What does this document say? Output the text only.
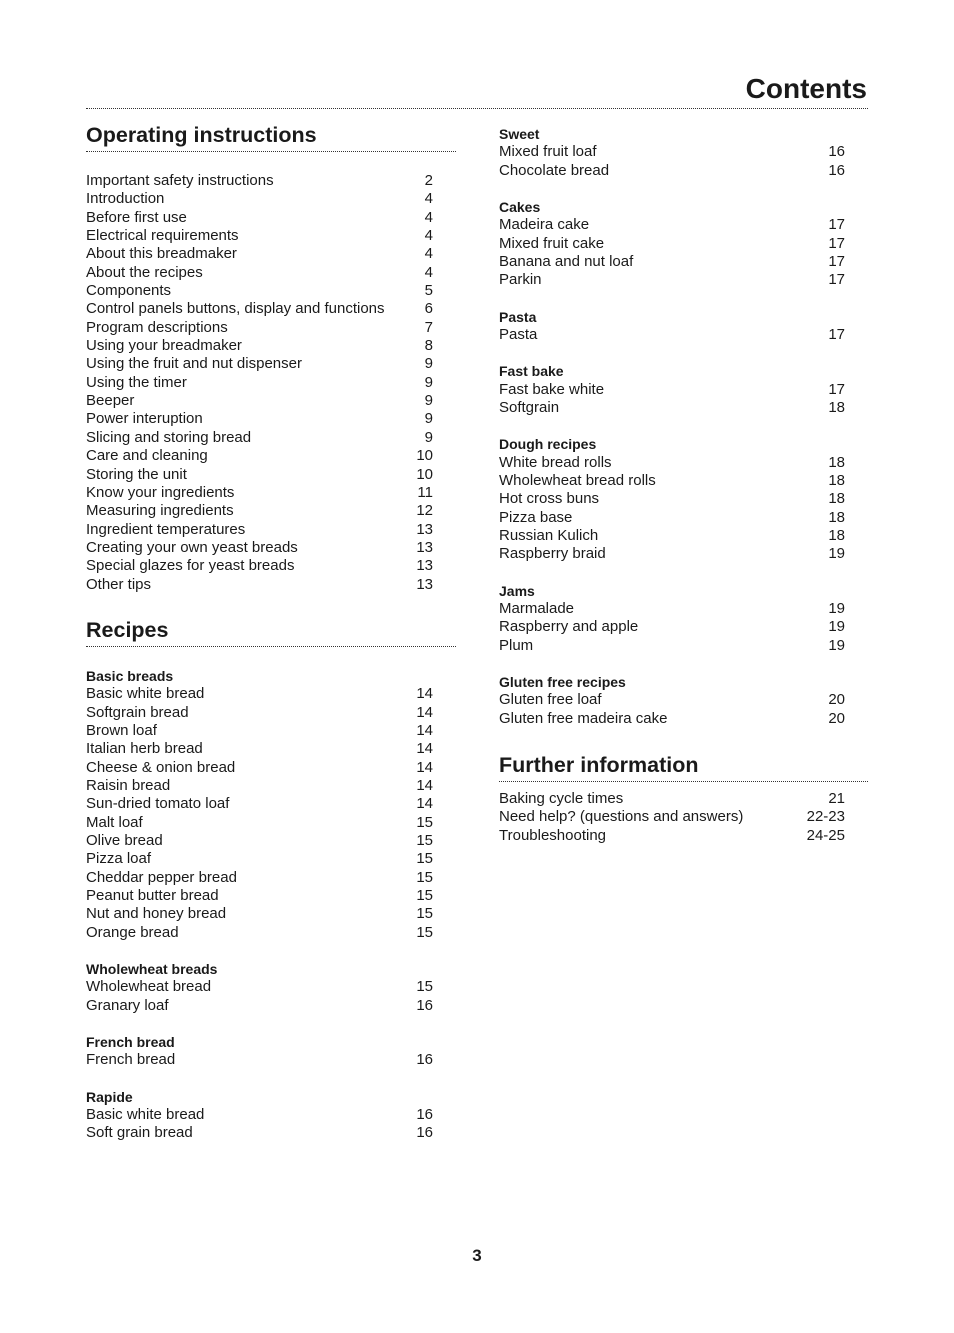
Contents
Operating instructions
Important safety instructions	2
Introduction	4
Before first use	4
Electrical requirements	4
About this breadmaker	4
About the recipes	4
Components	5
Control panels buttons, display and functions	6
Program descriptions	7
Using your breadmaker	8
Using the fruit and nut dispenser	9
Using the timer	9
Beeper	9
Power interuption	9
Slicing and storing bread	9
Care and cleaning	10
Storing the unit	10
Know your ingredients	11
Measuring ingredients	12
Ingredient temperatures	13
Creating your own yeast breads	13
Special glazes for yeast breads	13
Other tips	13
Recipes
Basic breads
Basic white bread	14
Softgrain bread	14
Brown loaf	14
Italian herb bread	14
Cheese & onion bread	14
Raisin bread	14
Sun-dried tomato loaf	14
Malt loaf	15
Olive bread	15
Pizza loaf	15
Cheddar pepper bread	15
Peanut butter bread	15
Nut and honey bread	15
Orange bread	15
Wholewheat breads
Wholewheat bread	15
Granary loaf	16
French bread
French bread	16
Rapide
Basic white bread	16
Soft grain bread	16
Sweet
Mixed fruit loaf	16
Chocolate bread	16
Cakes
Madeira cake	17
Mixed fruit cake	17
Banana and nut loaf	17
Parkin	17
Pasta
Pasta	17
Fast bake
Fast bake white	17
Softgrain	18
Dough recipes
White bread rolls	18
Wholewheat bread rolls	18
Hot cross buns	18
Pizza base	18
Russian Kulich	18
Raspberry braid	19
Jams
Marmalade	19
Raspberry and apple	19
Plum	19
Gluten free recipes
Gluten free loaf	20
Gluten free madeira cake	20
Further information
Baking cycle times	21
Need help? (questions and answers)	22-23
Troubleshooting	24-25
3
